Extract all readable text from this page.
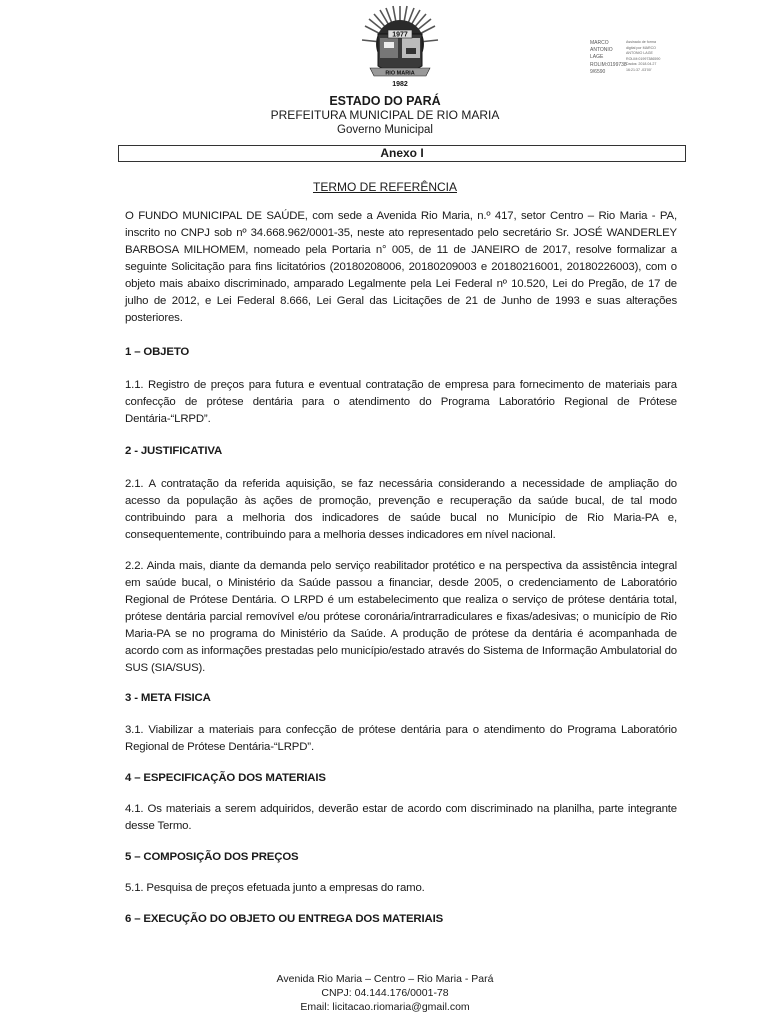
1977
RIO MARIA
1982
MARCO
ANTONIO
LAGE
ROLIM:0199738
9/6590
Assinado de forma
digital por MARCO
ANTONIO LAGE
ROLIM:01997386590
Dados: 2018.04.27
16:21:37 -03'00'
ESTADO DO PARÁ
PREFEITURA MUNICIPAL DE RIO MARIA
Governo Municipal
Anexo I
TERMO DE REFERÊNCIA

O FUNDO MUNICIPAL DE SAÚDE, com sede a Avenida Rio Maria, n.º 417, setor Centro – Rio Maria - PA, inscrito no CNPJ sob nº 34.668.962/0001-35, neste ato representado pelo secretário Sr. JOSÉ WANDERLEY BARBOSA MILHOMEM, nomeado pela Portaria n° 005, de 11 de JANEIRO de 2017, resolve formalizar a seguinte Solicitação para fins licitatórios (20180208006, 20180209003 e 20180216001, 20180226003), com o objeto mais abaixo discriminado, amparado Legalmente pela Lei Federal nº 10.520, Lei do Pregão, de 17 de julho de 2012, e Lei Federal 8.666, Lei Geral das Licitações de 21 de Junho de 1993 e suas alterações posteriores.

1 – OBJETO

1.1. Registro de preços para futura e eventual contratação de empresa para fornecimento de materiais para confecção de prótese dentária para o atendimento do Programa Laboratório Regional de Prótese Dentária-“LRPD”.

2 - JUSTIFICATIVA

2.1. A contratação da referida aquisição, se faz necessária considerando a necessidade de ampliação do acesso da população às ações de promoção, prevenção e recuperação da saúde bucal, de tal modo contribuindo para a melhoria dos indicadores de saúde bucal no Município de Rio Maria-PA e, consequentemente, contribuindo para a melhoria desses indicadores em nível nacional.

2.2. Ainda mais, diante da demanda pelo serviço reabilitador protético e na perspectiva da assistência integral em saúde bucal, o Ministério da Saúde passou a financiar, desde 2005, o credenciamento de Laboratório Regional de Prótese Dentária. O LRPD é um estabelecimento que realiza o serviço de prótese dentária total, prótese dentária parcial removível e/ou prótese coronária/intrarradiculares e fixas/adesivas; o município de Rio Maria-PA se no programa do Ministério da Saúde. A produção de prótese da dentária é acompanhada de acordo com as informações prestadas pelo município/estado através do Sistema de Informação Ambulatorial do SUS (SIA/SUS).

3 - META FISICA

3.1. Viabilizar a materiais para confecção de prótese dentária para o atendimento do Programa Laboratório Regional de Prótese Dentária-“LRPD”.

4 – ESPECIFICAÇÃO DOS MATERIAIS

4.1. Os materiais a serem adquiridos, deverão estar de acordo com discriminado na planilha, parte integrante desse Termo.

5 – COMPOSIÇÃO DOS PREÇOS

5.1. Pesquisa de preços efetuada junto a empresas do ramo.

6 – EXECUÇÃO DO OBJETO OU ENTREGA DOS MATERIAIS

Avenida Rio Maria – Centro – Rio Maria - Pará
CNPJ: 04.144.176/0001-78
Email: licitacao.riomaria@gmail.com
